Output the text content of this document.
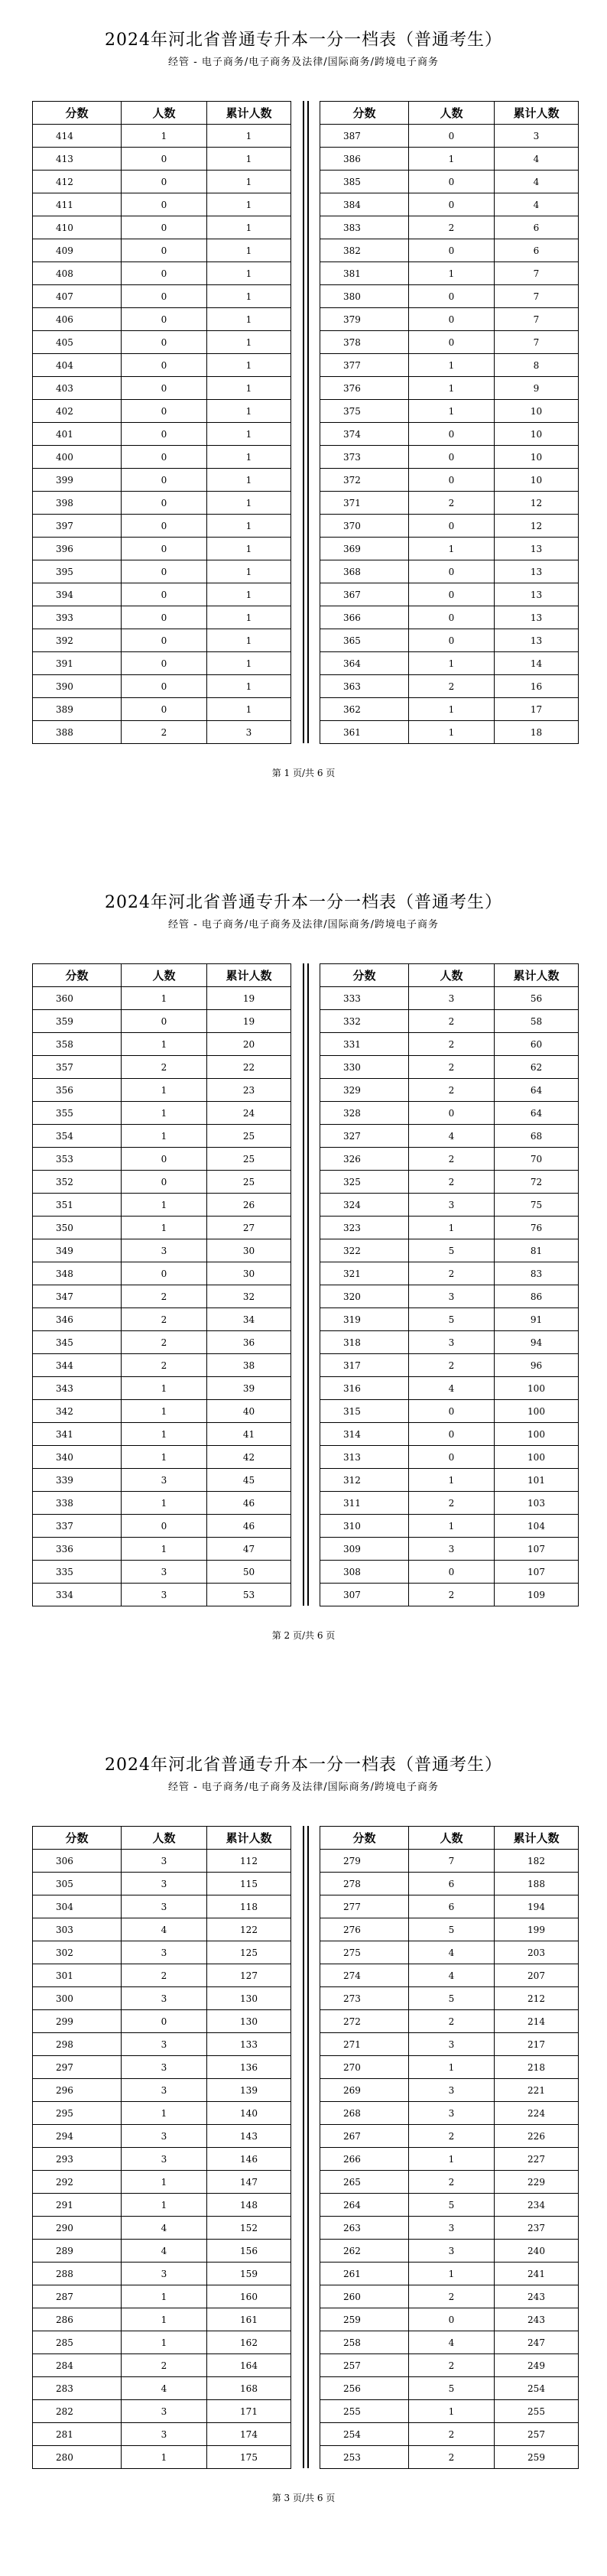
2024年河北省普通专升本一分一档表（普通考生）
经管 - 电子商务/电子商务及法律/国际商务/跨境电子商务
分数	人数	累计人数
414	1	1
413	0	1
412	0	1
411	0	1
410	0	1
409	0	1
408	0	1
407	0	1
406	0	1
405	0	1
404	0	1
403	0	1
402	0	1
401	0	1
400	0	1
399	0	1
398	0	1
397	0	1
396	0	1
395	0	1
394	0	1
393	0	1
392	0	1
391	0	1
390	0	1
389	0	1
388	2	3
分数	人数	累计人数
387	0	3
386	1	4
385	0	4
384	0	4
383	2	6
382	0	6
381	1	7
380	0	7
379	0	7
378	0	7
377	1	8
376	1	9
375	1	10
374	0	10
373	0	10
372	0	10
371	2	12
370	0	12
369	1	13
368	0	13
367	0	13
366	0	13
365	0	13
364	1	14
363	2	16
362	1	17
361	1	18
第 1 页/共 6 页
2024年河北省普通专升本一分一档表（普通考生）
经管 - 电子商务/电子商务及法律/国际商务/跨境电子商务
分数	人数	累计人数
360	1	19
359	0	19
358	1	20
357	2	22
356	1	23
355	1	24
354	1	25
353	0	25
352	0	25
351	1	26
350	1	27
349	3	30
348	0	30
347	2	32
346	2	34
345	2	36
344	2	38
343	1	39
342	1	40
341	1	41
340	1	42
339	3	45
338	1	46
337	0	46
336	1	47
335	3	50
334	3	53
分数	人数	累计人数
333	3	56
332	2	58
331	2	60
330	2	62
329	2	64
328	0	64
327	4	68
326	2	70
325	2	72
324	3	75
323	1	76
322	5	81
321	2	83
320	3	86
319	5	91
318	3	94
317	2	96
316	4	100
315	0	100
314	0	100
313	0	100
312	1	101
311	2	103
310	1	104
309	3	107
308	0	107
307	2	109
第 2 页/共 6 页
2024年河北省普通专升本一分一档表（普通考生）
经管 - 电子商务/电子商务及法律/国际商务/跨境电子商务
分数	人数	累计人数
306	3	112
305	3	115
304	3	118
303	4	122
302	3	125
301	2	127
300	3	130
299	0	130
298	3	133
297	3	136
296	3	139
295	1	140
294	3	143
293	3	146
292	1	147
291	1	148
290	4	152
289	4	156
288	3	159
287	1	160
286	1	161
285	1	162
284	2	164
283	4	168
282	3	171
281	3	174
280	1	175
分数	人数	累计人数
279	7	182
278	6	188
277	6	194
276	5	199
275	4	203
274	4	207
273	5	212
272	2	214
271	3	217
270	1	218
269	3	221
268	3	224
267	2	226
266	1	227
265	2	229
264	5	234
263	3	237
262	3	240
261	1	241
260	2	243
259	0	243
258	4	247
257	2	249
256	5	254
255	1	255
254	2	257
253	2	259
第 3 页/共 6 页
